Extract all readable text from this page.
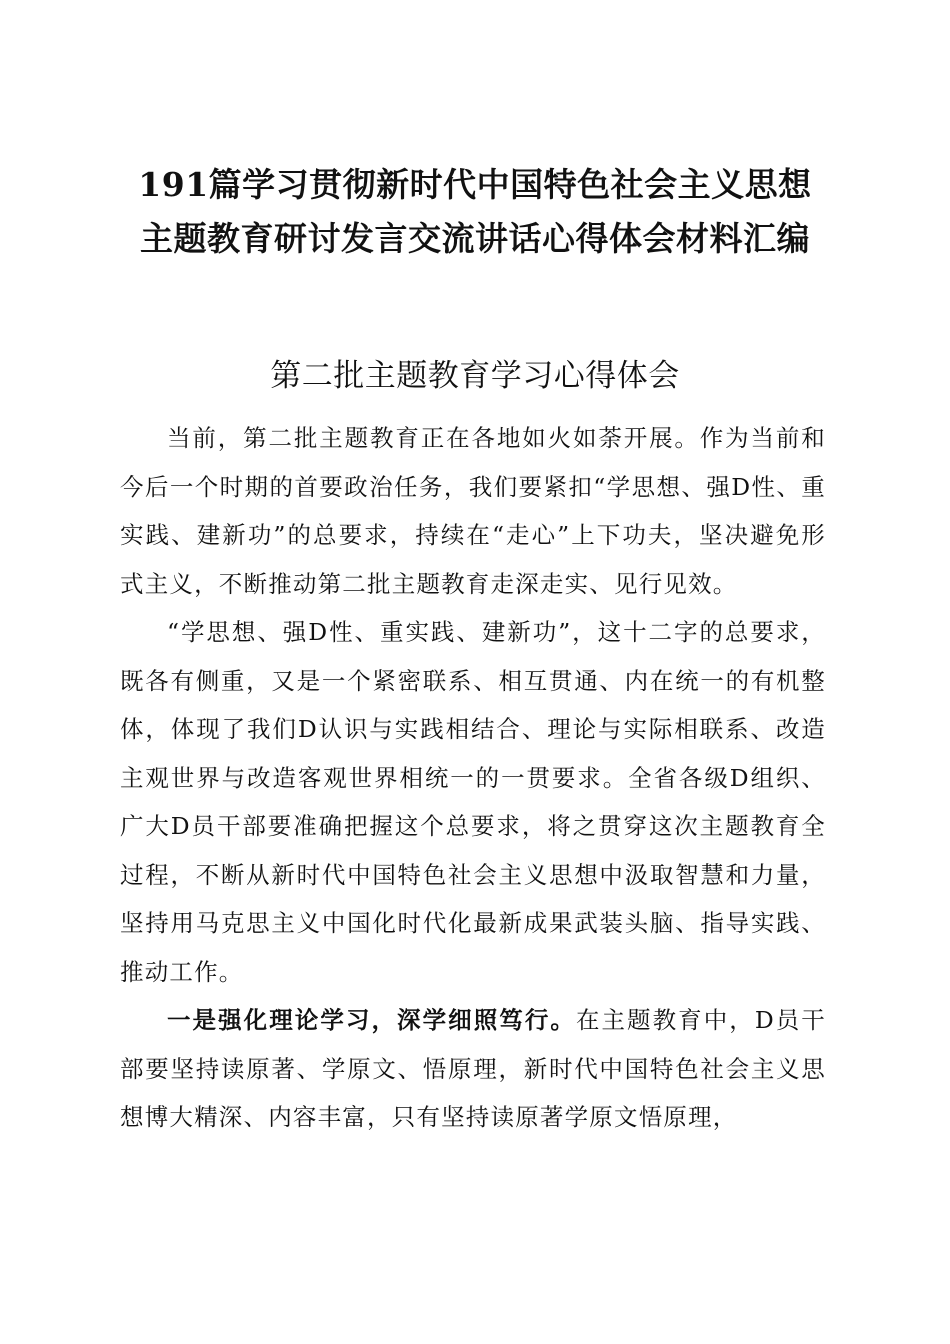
191篇学习贯彻新时代中国特色社会主义思想
主题教育研讨发言交流讲话心得体会材料汇编
第二批主题教育学习心得体会

当前，第二批主题教育正在各地如火如荼开展。作为当前和今后一个时期的首要政治任务，我们要紧扣“学思想、强D性、重实践、建新功”的总要求，持续在“走心”上下功夫，坚决避免形式主义，不断推动第二批主题教育走深走实、见行见效。

“学思想、强D性、重实践、建新功”，这十二字的总要求，既各有侧重，又是一个紧密联系、相互贯通、内在统一的有机整体，体现了我们D认识与实践相结合、理论与实际相联系、改造主观世界与改造客观世界相统一的一贯要求。全省各级D组织、广大D员干部要准确把握这个总要求，将之贯穿这次主题教育全过程，不断从新时代中国特色社会主义思想中汲取智慧和力量，坚持用马克思主义中国化时代化最新成果武装头脑、指导实践、推动工作。

一是强化理论学习，深学细照笃行。在主题教育中，D员干部要坚持读原著、学原文、悟原理，新时代中国特色社会主义思想博大精深、内容丰富，只有坚持读原著学原文悟原理，
